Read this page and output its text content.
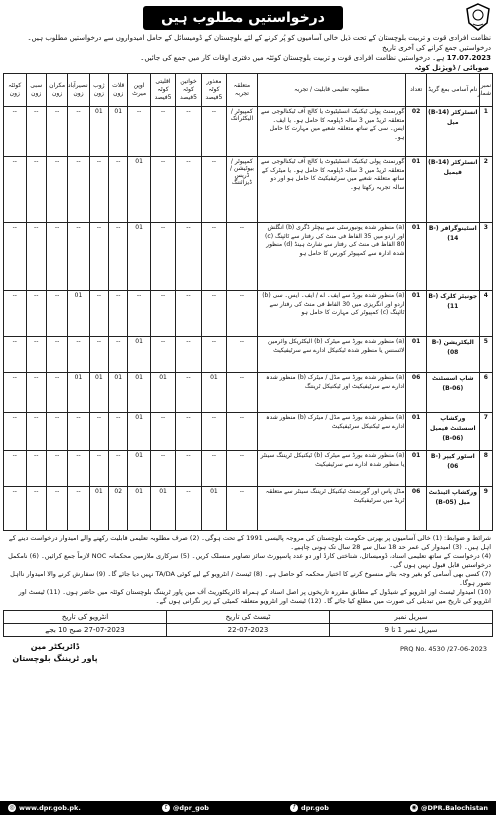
درخواستیں مطلوب ہیں

نظامت افرادی قوت و تربیت بلوچستان کے تحت ذیل خالی آسامیوں کو پُر کرنے کے لئے بلوچستان کے ڈومیسائل کے حامل امیدواروں سے درخواستیں مطلوب ہیں۔ درخواستیں جمع کرانے کی آخری تاریخ

17.07.2023 ہے۔ درخواستیں نظامت افرادی قوت و تربیت بلوچستان کوئٹہ میں دفتری اوقات کار میں جمع کی جائیں۔

صوبائی / ڈویژنل کوٹہ
نمبر شمار	نام آسامی بمع گریڈ	تعداد	مطلوبہ تعلیمی قابلیت / تجربہ	متعلقہ تجربہ	معذور کوٹہ 5فیصد	خواتین کوٹہ 5فیصد	اقلیتی کوٹہ 5فیصد	اوپن میرٹ	قلات زون	ژوب زون	نصیرآباد زون	مکران زون	سبی زون	کوئٹہ زون
1	انسٹرکٹر (B-14) میل	02	گورنمنٹ پولی ٹیکنیک انسٹیٹیوٹ یا کالج آف ٹیکنالوجی سے متعلقہ ٹریڈ میں 3 سالہ ڈپلومہ کا حامل ہو۔ یا ایف۔ ایس۔ سی کے ساتھ متعلقہ شعبے میں مہارت کا حامل ہو۔	کمپیوٹر / الیکٹرانک	--	--	--	--	01	01	--	--	--	--
2	انسٹرکٹر (B-14) فیمیل	01	گورنمنٹ پولی ٹیکنیک انسٹیٹیوٹ یا کالج آف ٹیکنالوجی سے متعلقہ ٹریڈ میں 3 سالہ ڈپلومہ کا حامل ہو۔ یا میٹرک کے ساتھ متعلقہ شعبے میں سرٹیفیکیٹ کا حامل ہو اور دو سالہ تجربہ رکھتا ہو۔	کمپیوٹر / بیوٹیشن / ڈریس ڈیزائننگ	--	--	--	01	--	--	--	--	--	--
3	اسٹینوگرافر (B-14)	01	(a) منظور شدہ یونیورسٹی سے بیچلر ڈگری (b) انگلش اور اردو میں 35 الفاظ فی منٹ کی رفتار سے ٹائپنگ (c) 80 الفاظ فی منٹ کی رفتار سے شارٹ ہینڈ (d) منظور شدہ ادارہ سے کمپیوٹر کورس کا حامل ہو	--	--	--	--	01	--	--	--	--	--	--
4	جونیئر کلرک (B-11)	01	(a) منظور شدہ بورڈ سے ایف۔ اے / ایف۔ ایس۔ سی (b) اردو اور انگریزی میں 30 الفاظ فی منٹ کی رفتار سے ٹائپنگ (c) کمپیوٹر کی مہارت کا حامل ہو	--	--	--	--	--	--	--	01	--	--	--
5	الیکٹریشن (B-08)	01	(a) منظور شدہ بورڈ سے میٹرک (b) الیکٹریکل وائرمین لائسنس یا منظور شدہ ٹیکنیکل ادارے سے سرٹیفیکیٹ	--	--	--	--	01	--	--	--	--	--	--
6	شاپ اسسٹنٹ (B-06)	06	(a) منظور شدہ بورڈ سے مڈل / میٹرک (b) منظور شدہ ادارے سے سرٹیفیکیٹ اور ٹیکنیکل ٹریننگ	--	01	--	01	01	01	01	01	--	--	--
7	ورکشاپ اسسٹنٹ فیمیل (B-06)	01	(a) منظور شدہ بورڈ سے مڈل / میٹرک (b) منظور شدہ ادارے سے ٹیکنیکل سرٹیفیکیٹ	--	--	--	--	01	--	--	--	--	--	--
8	اسٹور کیپر (B-06)	01	(a) منظور شدہ بورڈ سے میٹرک (b) ٹیکنیکل ٹریننگ سینٹر یا منظور شدہ ادارے سے سرٹیفیکیٹ	--	--	--	--	01	--	--	--	--	--	--
9	ورکشاپ اٹینڈنٹ میل (B-05)	06	مڈل پاس اور گورنمنٹ ٹیکنیکل ٹریننگ سینٹر سے متعلقہ ٹریڈ میں سرٹیفیکیٹ	--	01	--	01	01	02	01	--	--	--	--

شرائط و ضوابط: (1) خالی آسامیوں پر بھرتی حکومت بلوچستان کی مروجہ پالیسی 1991 کے تحت ہوگی۔ (2) صرف مطلوبہ تعلیمی قابلیت رکھنے والے امیدوار درخواست دینے کے اہل ہیں۔ (3) امیدوار کی عمر حد 18 سال سے 28 سال تک ہونی چاہیے۔

(4) درخواست کے ساتھ تعلیمی اسناد، ڈومیسائل، شناختی کارڈ اور دو عدد پاسپورٹ سائز تصاویر منسلک کریں۔ (5) سرکاری ملازمین محکمانہ NOC لازماً جمع کرائیں۔ (6) نامکمل درخواستیں قابل قبول نہیں ہوں گی۔

(7) کسی بھی آسامی کو بغیر وجہ بتائے منسوخ کرنے کا اختیار محکمہ کو حاصل ہے۔ (8) ٹیسٹ / انٹرویو کے لیے کوئی TA/DA نہیں دیا جائے گا۔ (9) سفارش کرنے والا امیدوار نااہل تصور ہوگا۔

(10) امیدوار ٹیسٹ اور انٹرویو کے شیڈول کے مطابق مقررہ تاریخوں پر اصل اسناد کے ہمراہ ڈائریکٹوریٹ آف مین پاور ٹریننگ بلوچستان کوئٹہ میں حاضر ہوں۔ (11) ٹیسٹ اور انٹرویو کی تاریخ میں تبدیلی کی صورت میں مطلع کیا جائے گا۔ (12) ٹیسٹ اور انٹرویو متعلقہ کمیٹی کے زیر نگرانی ہوں گے۔

سیریل نمبر	ٹیسٹ کی تاریخ	انٹرویو کی تاریخ
سیریل نمبر 1 تا 9	22-07-2023	27-07-2023 صبح 10 بجے
PRQ No. 4530 /27-06-2023
ڈائریکٹر مین
پاور ٹریننگ بلوچستان
◎ www.dpr.gob.pk.	t @dpr_gob	f dpr.gob	◉ @DPR.Balochistan
